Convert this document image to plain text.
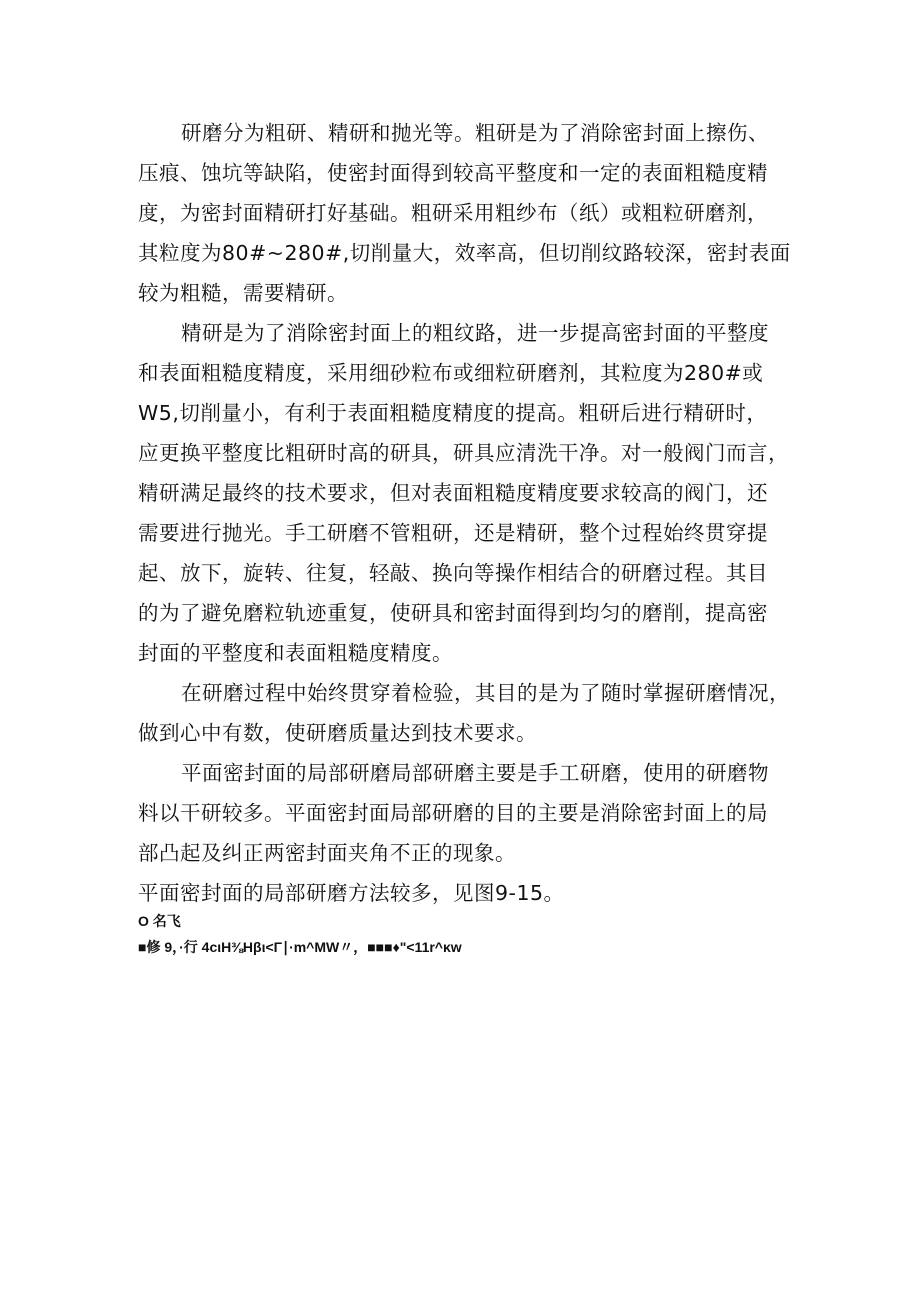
研磨分为粗研、精研和抛光等。粗研是为了消除密封面上擦伤、
压痕、蚀坑等缺陷，使密封面得到较高平整度和一定的表面粗糙度精
度，为密封面精研打好基础。粗研采用粗纱布（纸）或粗粒研磨剂，
其粒度为80#~280#,切削量大，效率高，但切削纹路较深，密封表面
较为粗糙，需要精研。
精研是为了消除密封面上的粗纹路，进一步提高密封面的平整度
和表面粗糙度精度，采用细砂粒布或细粒研磨剂，其粒度为280#或
W5,切削量小，有利于表面粗糙度精度的提高。粗研后进行精研时，
应更换平整度比粗研时高的研具，研具应清洗干净。对一般阀门而言，
精研满足最终的技术要求，但对表面粗糙度精度要求较高的阀门，还
需要进行抛光。手工研磨不管粗研，还是精研，整个过程始终贯穿提
起、放下，旋转、往复，轻敲、换向等操作相结合的研磨过程。其目
的为了避免磨粒轨迹重复，使研具和密封面得到均匀的磨削，提高密
封面的平整度和表面粗糙度精度。
在研磨过程中始终贯穿着检验，其目的是为了随时掌握研磨情况，
做到心中有数，使研磨质量达到技术要求。
平面密封面的局部研磨局部研磨主要是手工研磨，使用的研磨物
料以干研较多。平面密封面局部研磨的目的主要是消除密封面上的局
部凸起及纠正两密封面夹角不正的现象。
平面密封面的局部研磨方法较多，见图9-15。
O 名飞
■修 9，·行 4cιH⅜Hβι<Γ∣·m^MW〃，■■■♦"<11r^κw
